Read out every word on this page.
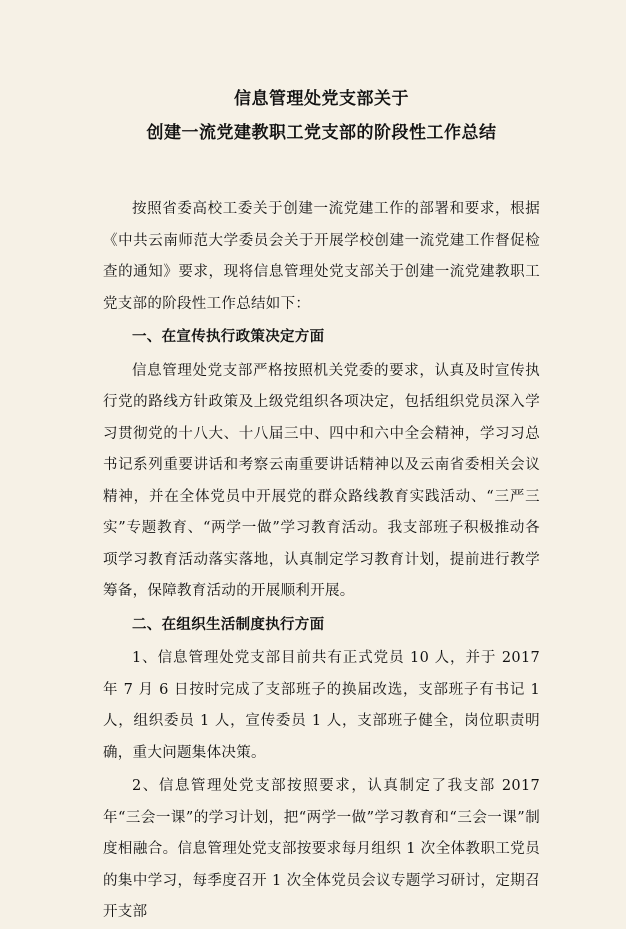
信息管理处党支部关于
创建一流党建教职工党支部的阶段性工作总结

按照省委高校工委关于创建一流党建工作的部署和要求，根据《中共云南师范大学委员会关于开展学校创建一流党建工作督促检查的通知》要求，现将信息管理处党支部关于创建一流党建教职工党支部的阶段性工作总结如下：

一、在宣传执行政策决定方面

信息管理处党支部严格按照机关党委的要求，认真及时宣传执行党的路线方针政策及上级党组织各项决定，包括组织党员深入学习贯彻党的十八大、十八届三中、四中和六中全会精神，学习习总书记系列重要讲话和考察云南重要讲话精神以及云南省委相关会议精神，并在全体党员中开展党的群众路线教育实践活动、“三严三实”专题教育、“两学一做”学习教育活动。我支部班子积极推动各项学习教育活动落实落地，认真制定学习教育计划，提前进行教学筹备，保障教育活动的开展顺利开展。

二、在组织生活制度执行方面

1、信息管理处党支部目前共有正式党员 10 人，并于 2017 年 7 月 6 日按时完成了支部班子的换届改选，支部班子有书记 1 人，组织委员 1 人，宣传委员 1 人，支部班子健全，岗位职责明确，重大问题集体决策。

2、信息管理处党支部按照要求，认真制定了我支部 2017 年“三会一课”的学习计划，把“两学一做”学习教育和“三会一课”制度相融合。信息管理处党支部按要求每月组织 1 次全体教职工党员的集中学习，每季度召开 1 次全体党员会议专题学习研讨，定期召开支部
